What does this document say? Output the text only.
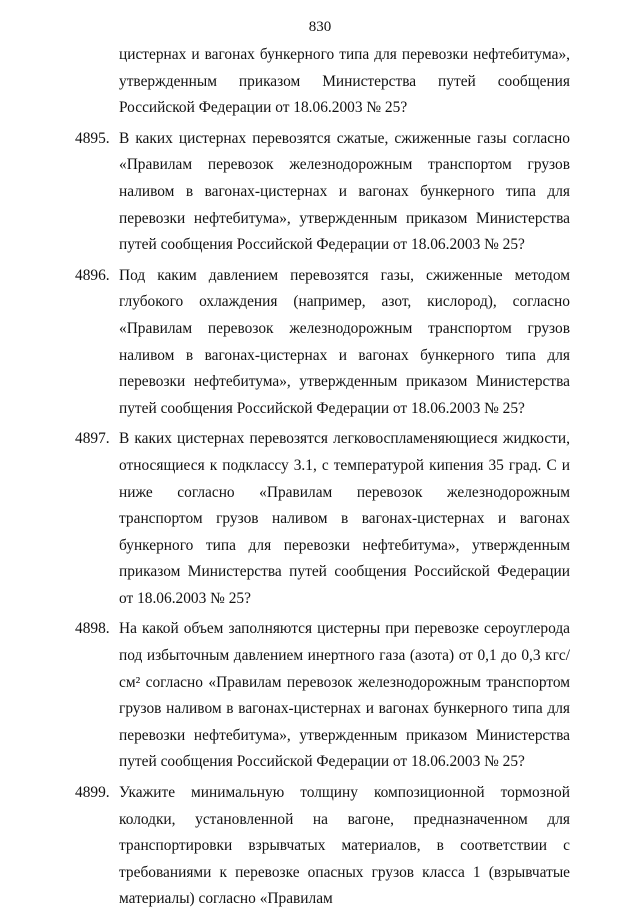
830
цистернах и вагонах бункерного типа для перевозки нефтебитума», утвержденным приказом Министерства путей сообщения Российской Федерации от 18.06.2003 № 25?
4895. В каких цистернах перевозятся сжатые, сжиженные газы согласно «Правилам перевозок железнодорожным транспортом грузов наливом в вагонах-цистернах и вагонах бункерного типа для перевозки нефтебитума», утвержденным приказом Министерства путей сообщения Российской Федерации от 18.06.2003 № 25?
4896. Под каким давлением перевозятся газы, сжиженные методом глубокого охлаждения (например, азот, кислород), согласно «Правилам перевозок железнодорожным транспортом грузов наливом в вагонах-цистернах и вагонах бункерного типа для перевозки нефтебитума», утвержденным приказом Министерства путей сообщения Российской Федерации от 18.06.2003 № 25?
4897. В каких цистернах перевозятся легковоспламеняющиеся жидкости, относящиеся к подклассу 3.1, с температурой кипения 35 град. С и ниже согласно «Правилам перевозок железнодорожным транспортом грузов наливом в вагонах-цистернах и вагонах бункерного типа для перевозки нефтебитума», утвержденным приказом Министерства путей сообщения Российской Федерации от 18.06.2003 № 25?
4898. На какой объем заполняются цистерны при перевозке сероуглерода под избыточным давлением инертного газа (азота) от 0,1 до 0,3 кгс/см² согласно «Правилам перевозок железнодорожным транспортом грузов наливом в вагонах-цистернах и вагонах бункерного типа для перевозки нефтебитума», утвержденным приказом Министерства путей сообщения Российской Федерации от 18.06.2003 № 25?
4899. Укажите минимальную толщину композиционной тормозной колодки, установленной на вагоне, предназначенном для транспортировки взрывчатых материалов, в соответствии с требованиями к перевозке опасных грузов класса 1 (взрывчатые материалы) согласно «Правилам
